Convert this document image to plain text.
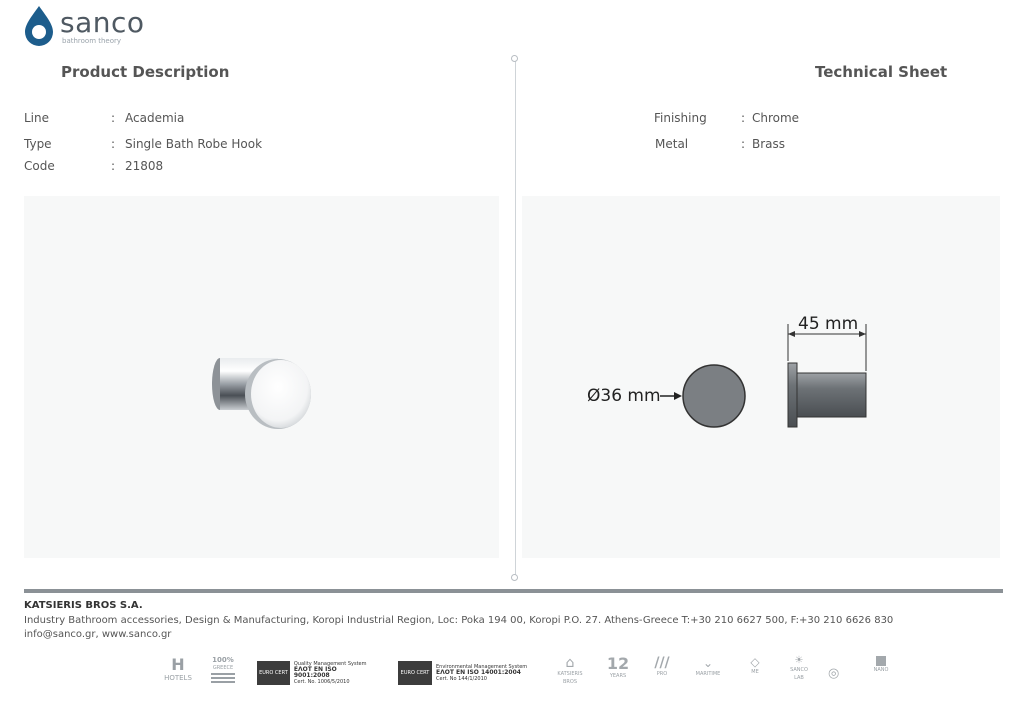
sanco
bathroom theory
Product Description	Technical Sheet
Line	: Academia
Type	: Single Bath Robe Hook
Code	: 21808
Finishing	: Chrome
Metal	: Brass
Ø36 mm
45 mm
KATSIERIS BROS S.A.
Industry Bathroom accessories, Design & Manufacturing, Koropi Industrial Region, Loc: Poka 194 00, Koropi P.O. 27. Athens-Greece T:+30 210 6627 500, F:+30 210 6626 830
info@sanco.gr, www.sanco.gr
H
HOTELS
100%
GREECE
EURO CERT
Quality Management System
ΕΛΟΤ ΕΝ ISO 9001:2008
Cert. No. 1006/5/2010
EURO CERT
Environmental Management System
ΕΛΟΤ ΕΝ ISO 14001:2004
Cert. No 144/1/2010
⌂
KATSIERIS BROS
12
YEARS
///
PRO
⌄
MARITIME
◇
ME
☀
SANCO LAB	◎	NANO
